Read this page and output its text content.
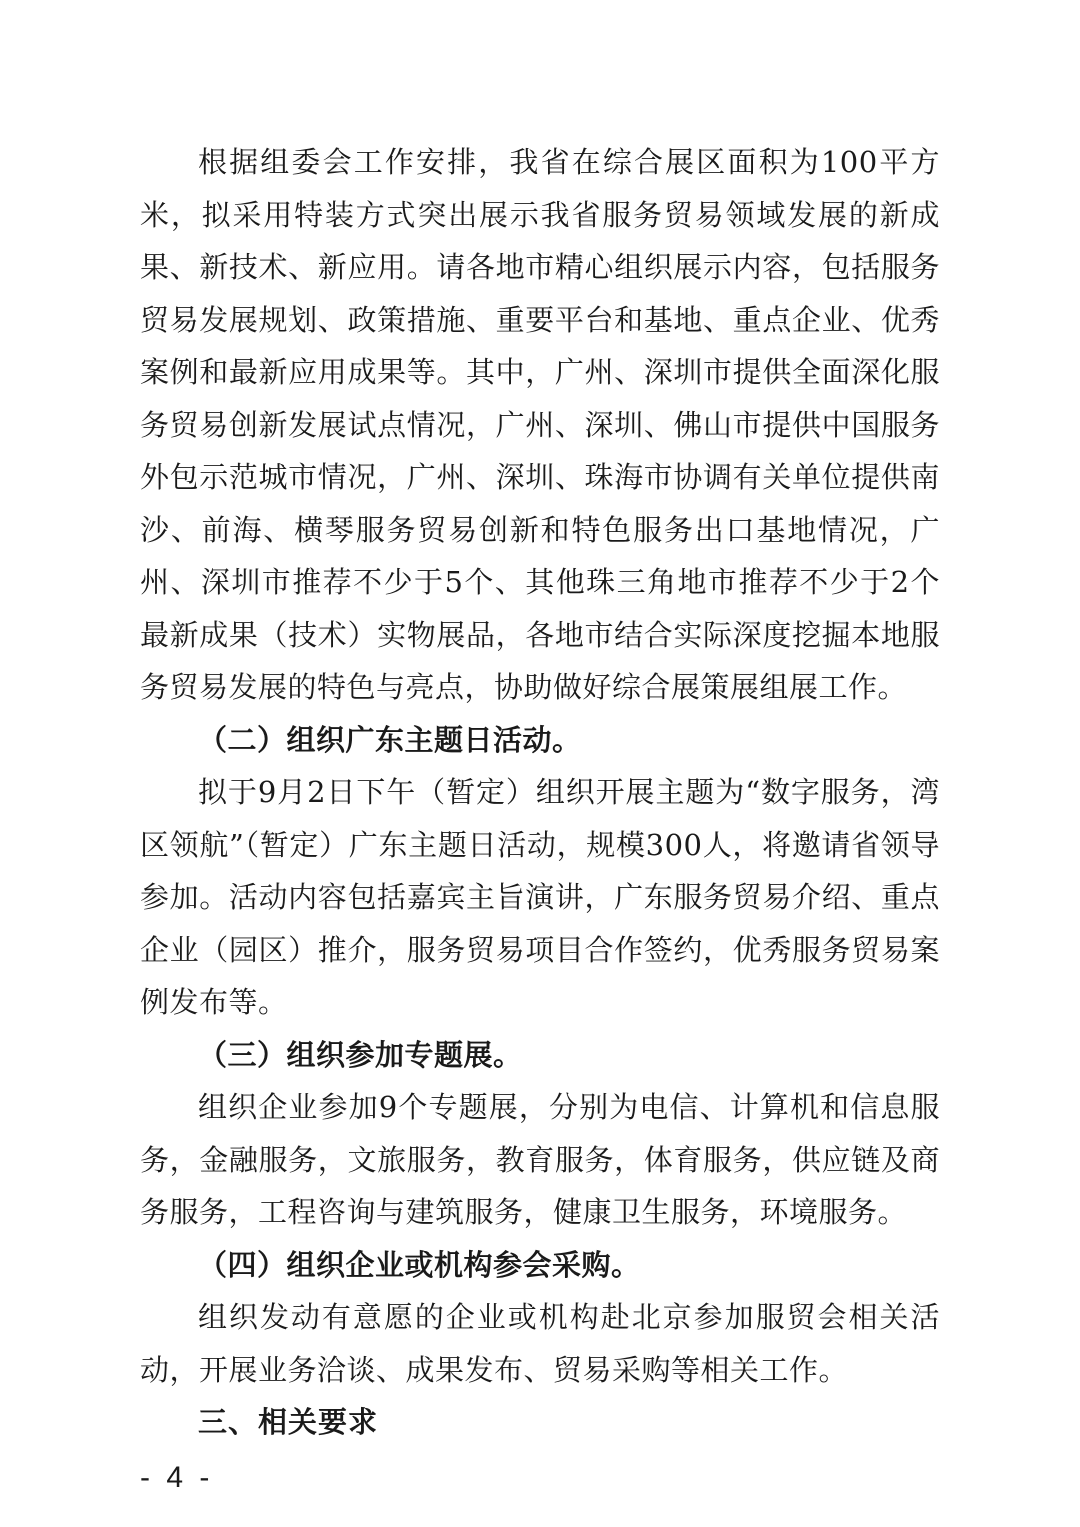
根据组委会工作安排，我省在综合展区面积为100平方米，拟采用特装方式突出展示我省服务贸易领域发展的新成果、新技术、新应用。请各地市精心组织展示内容，包括服务贸易发展规划、政策措施、重要平台和基地、重点企业、优秀案例和最新应用成果等。其中，广州、深圳市提供全面深化服务贸易创新发展试点情况，广州、深圳、佛山市提供中国服务外包示范城市情况，广州、深圳、珠海市协调有关单位提供南沙、前海、横琴服务贸易创新和特色服务出口基地情况，广州、深圳市推荐不少于5个、其他珠三角地市推荐不少于2个最新成果（技术）实物展品，各地市结合实际深度挖掘本地服务贸易发展的特色与亮点，协助做好综合展策展组展工作。

（二）组织广东主题日活动。

拟于9月2日下午（暂定）组织开展主题为“数字服务，湾区领航”（暂定）广东主题日活动，规模300人，将邀请省领导参加。活动内容包括嘉宾主旨演讲，广东服务贸易介绍、重点企业（园区）推介，服务贸易项目合作签约，优秀服务贸易案例发布等。

（三）组织参加专题展。

组织企业参加9个专题展，分别为电信、计算机和信息服务，金融服务，文旅服务，教育服务，体育服务，供应链及商务服务，工程咨询与建筑服务，健康卫生服务，环境服务。

（四）组织企业或机构参会采购。

组织发动有意愿的企业或机构赴北京参加服贸会相关活动，开展业务洽谈、成果发布、贸易采购等相关工作。

三、相关要求

- 4 -
